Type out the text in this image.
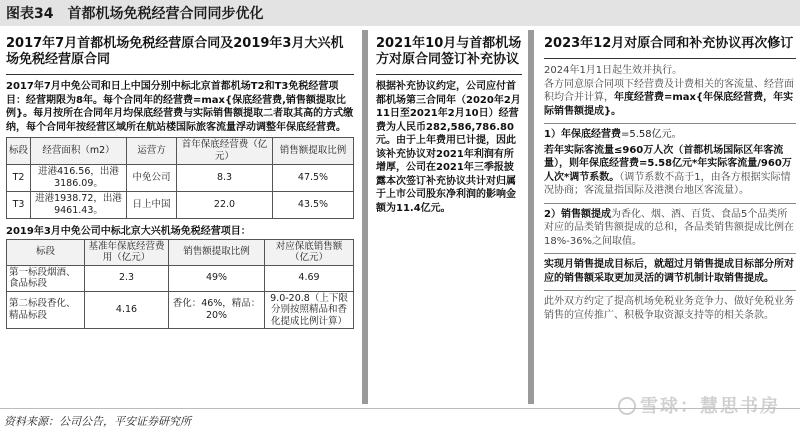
图表34 首都机场免税经营合同同步优化
2017年7月首都机场免税经营原合同及2019年3月大兴机场免税经营原合同
2017年7月中免公司和日上中国分别中标北京首都机场T2和T3免税经营项目：经营期限为8年。每个合同年的经营费=max{保底经营费,销售额提取比例}。每月按所在合同年月均保底经营费与实际销售额提取二者取其高的方式缴纳，每个合同年按经营区域所在航站楼国际旅客流量浮动调整年保底经营费。
标段	经营面积（m2）	运营方	首年保底经营费（亿元）	销售额提取比例
T2	进港416.56，出港3186.09。	中免公司	8.3	47.5%
T3	进港1938.72，出港9461.43。	日上中国	22.0	43.5%
2019年3月中免公司中标北京大兴机场免税经营项目：
标段	基准年保底经营费用（亿元）	销售额提取比例	对应保底销售额（亿元）
第一标段烟酒、食品标段	2.3	49%	4.69
第二标段香化、精品标段	4.16	香化：46%，精品：20%	9.0-20.8（上下限分别按照精品和香化提成比例计算）
2021年10月与首都机场方对原合同签订补充协议
根据补充协议约定，公司应付首都机场第三合同年（2020年2月11日至2021年2月10日）经营费为人民币282,586,786.80元。由于上年费用已计提，因此该补充协议对2021年利润有所增厚，公司在2021年三季报披露本次签订补充协议共计对归属于上市公司股东净利润的影响金额为11.4亿元。
2023年12月对原合同和补充协议再次修订
2024年1月1日起生效并执行。
各方同意原合同项下经营费及计费相关的客流量、经营面积均合并计算，年度经营费=max{年保底经营费，年实际销售额提成}。
1）年保底经营费=5.58亿元。
若年实际客流量≤960万人次（首都机场国际区年客流量），则年保底经营费=5.58亿元*年实际客流量/960万人次*调节系数。（调节系数不高于1，由各方根据实际情况协商；客流量指国际及港澳台地区客流量）。
2）销售额提成为香化、烟、酒、百货、食品5个品类所对应的品类销售额提成的总和，各品类销售额提成比例在18%-36%之间取值。
实现月销售提成目标后，就超过月销售提成目标部分所对应的销售额采取更加灵活的调节机制计取销售提成。
此外双方约定了提高机场免税业务竞争力、做好免税业务销售的宣传推广、积极争取资源支持等的相关条款。
雪球：慧思书房
资料来源：公司公告，平安证券研究所
